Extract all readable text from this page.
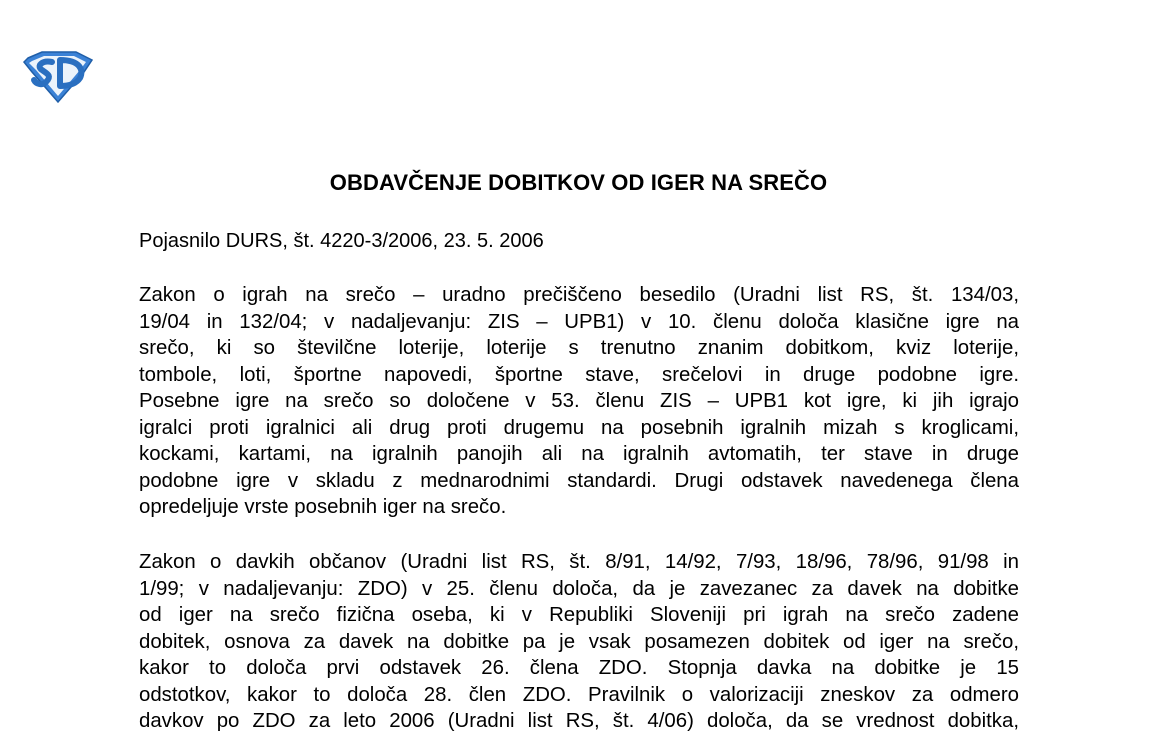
OBDAVČENJE DOBITKOV OD IGER NA SREČO
Pojasnilo DURS, št. 4220-3/2006, 23. 5. 2006
Zakon o igrah na srečo – uradno prečiščeno besedilo (Uradni list RS, št. 134/03,
19/04 in 132/04; v nadaljevanju: ZIS – UPB1) v 10. členu določa klasične igre na
srečo, ki so številčne loterije, loterije s trenutno znanim dobitkom, kviz loterije,
tombole, loti, športne napovedi, športne stave, srečelovi in druge podobne igre.
Posebne igre na srečo so določene v 53. členu ZIS – UPB1 kot igre, ki jih igrajo
igralci proti igralnici ali drug proti drugemu na posebnih igralnih mizah s kroglicami,
kockami, kartami, na igralnih panojih ali na igralnih avtomatih, ter stave in druge
podobne igre v skladu z mednarodnimi standardi. Drugi odstavek navedenega člena
opredeljuje vrste posebnih iger na srečo.
Zakon o davkih občanov (Uradni list RS, št. 8/91, 14/92, 7/93, 18/96, 78/96, 91/98 in
1/99; v nadaljevanju: ZDO) v 25. členu določa, da je zavezanec za davek na dobitke
od iger na srečo fizična oseba, ki v Republiki Sloveniji pri igrah na srečo zadene
dobitek, osnova za davek na dobitke pa je vsak posamezen dobitek od iger na srečo,
kakor to določa prvi odstavek 26. člena ZDO. Stopnja davka na dobitke je 15
odstotkov, kakor to določa 28. člen ZDO. Pravilnik o valorizaciji zneskov za odmero
davkov po ZDO za leto 2006 (Uradni list RS, št. 4/06) določa, da se vrednost dobitka,
